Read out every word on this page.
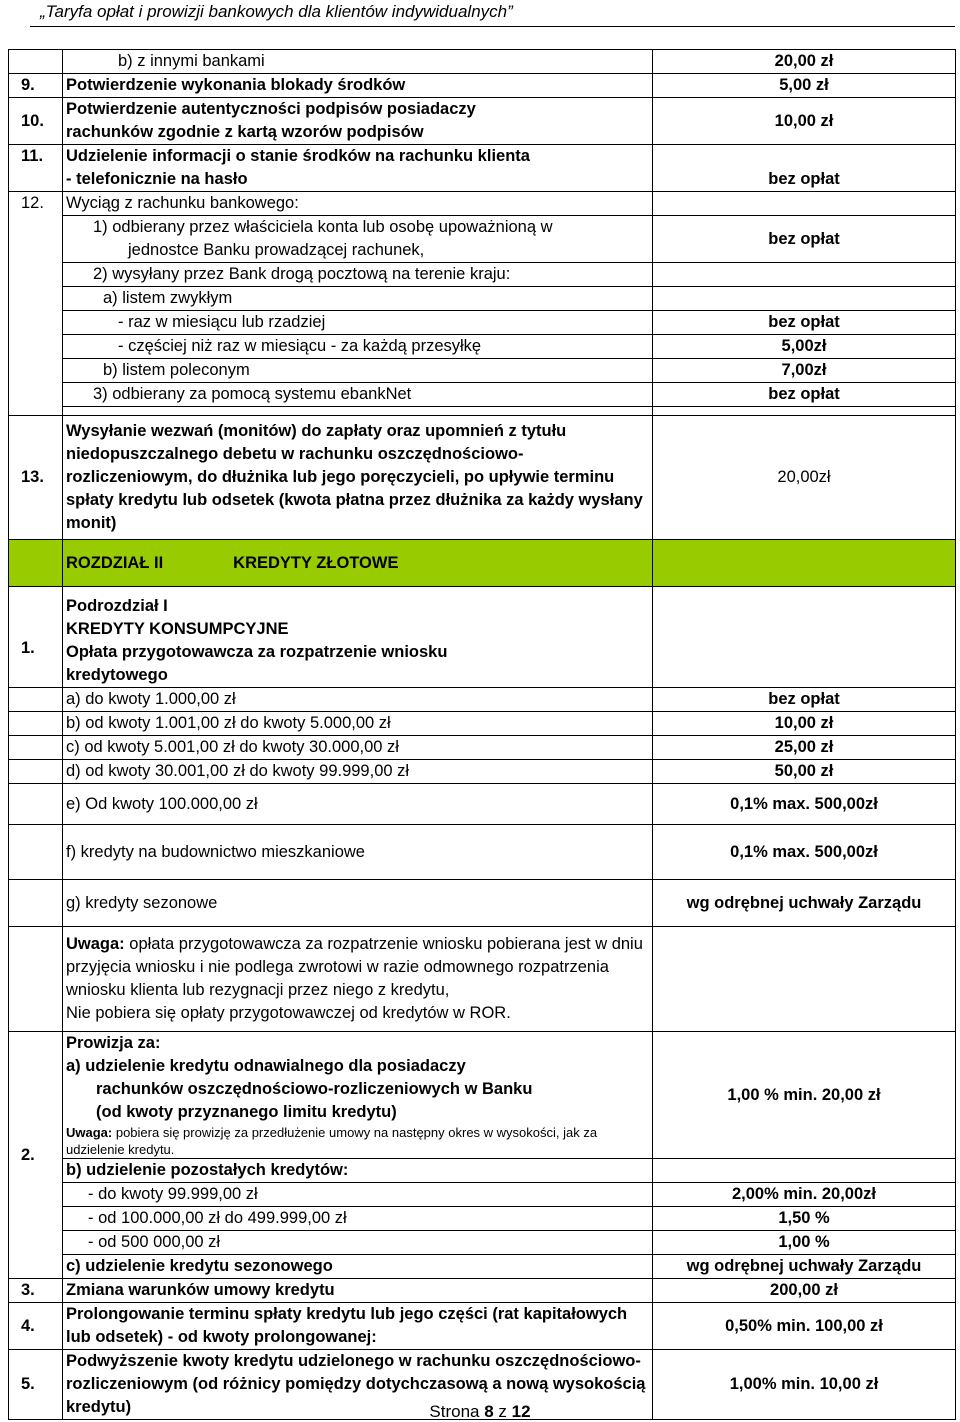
„Taryfa opłat i prowizji bankowych dla klientów indywidualnych”
	b) z innymi bankami	20,00 zł
9.	Potwierdzenie wykonania blokady środków	5,00 zł
10.	Potwierdzenie autentyczności podpisów posiadaczy
rachunków zgodnie z kartą wzorów podpisów	10,00 zł
11.	Udzielenie informacji o stanie środków na rachunku klienta
- telefonicznie na hasło	bez opłat
12.	Wyciąg z rachunku bankowego:	

	1) odbierany przez właściciela konta lub osobę upoważnioną w
jednostce Banku prowadzącej rachunek,	bez opłat
	2) wysyłany przez Bank drogą pocztową na terenie kraju:	
	a) listem zwykłym	
	- raz w miesiącu lub rzadziej	bez opłat
	- częściej niż raz w miesiącu - za każdą przesyłkę	5,00zł
	b) listem poleconym	7,00zł
	3) odbierany za pomocą systemu ebankNet	bez opłat

13.	Wysyłanie wezwań (monitów) do zapłaty oraz upomnień z tytułu niedopuszczalnego debetu w rachunku oszczędnościowo-rozliczeniowym, do dłużnika lub jego poręczycieli, po upływie terminu spłaty kredytu lub odsetek (kwota płatna przez dłużnika za każdy wysłany monit)	20,00zł
	ROZDZIAŁ II KREDYTY ZŁOTOWE	
1.	Podrozdział I
KREDYTY KONSUMPCYJNE
Opłata przygotowawcza za rozpatrzenie wniosku
kredytowego	

	a) do kwoty 1.000,00 zł	bez opłat
	b) od kwoty 1.001,00 zł do kwoty 5.000,00 zł	10,00 zł
	c) od kwoty 5.001,00 zł do kwoty 30.000,00 zł	25,00 zł
	d) od kwoty 30.001,00 zł do kwoty 99.999,00 zł	50,00 zł
	e) Od kwoty 100.000,00 zł	0,1% max. 500,00zł
	f) kredyty na budownictwo mieszkaniowe	0,1% max. 500,00zł
	g) kredyty sezonowe	wg odrębnej uchwały Zarządu
	Uwaga: opłata przygotowawcza za rozpatrzenie wniosku pobierana jest w dniu przyjęcia wniosku i nie podlega zwrotowi w razie odmownego rozpatrzenia wniosku klienta lub rezygnacji przez niego z kredytu,
Nie pobiera się opłaty przygotowawczej od kredytów w ROR.	

2.	Prowizja za:
a) udzielenie kredytu odnawialnego dla posiadaczy
rachunków oszczędnościowo-rozliczeniowych w Banku
(od kwoty przyznanego limitu kredytu)
Uwaga: pobiera się prowizję za przedłużenie umowy na następny okres w wysokości, jak za udzielenie kredytu.	1,00 % min. 20,00 zł
	b) udzielenie pozostałych kredytów:	
	- do kwoty 99.999,00 zł	2,00% min. 20,00zł
	- od 100.000,00 zł do 499.999,00 zł	1,50 %
	- od 500 000,00 zł	1,00 %
	c) udzielenie kredytu sezonowego	wg odrębnej uchwały Zarządu
3.	Zmiana warunków umowy kredytu	200,00 zł
4.	Prolongowanie terminu spłaty kredytu lub jego części (rat kapitałowych lub odsetek) - od kwoty prolongowanej:	0,50% min. 100,00 zł
5.	Podwyższenie kwoty kredytu udzielonego w rachunku oszczędnościowo-rozliczeniowym (od różnicy pomiędzy dotychczasową a nową wysokością kredytu)	1,00% min. 10,00 zł
Strona 8 z 12
